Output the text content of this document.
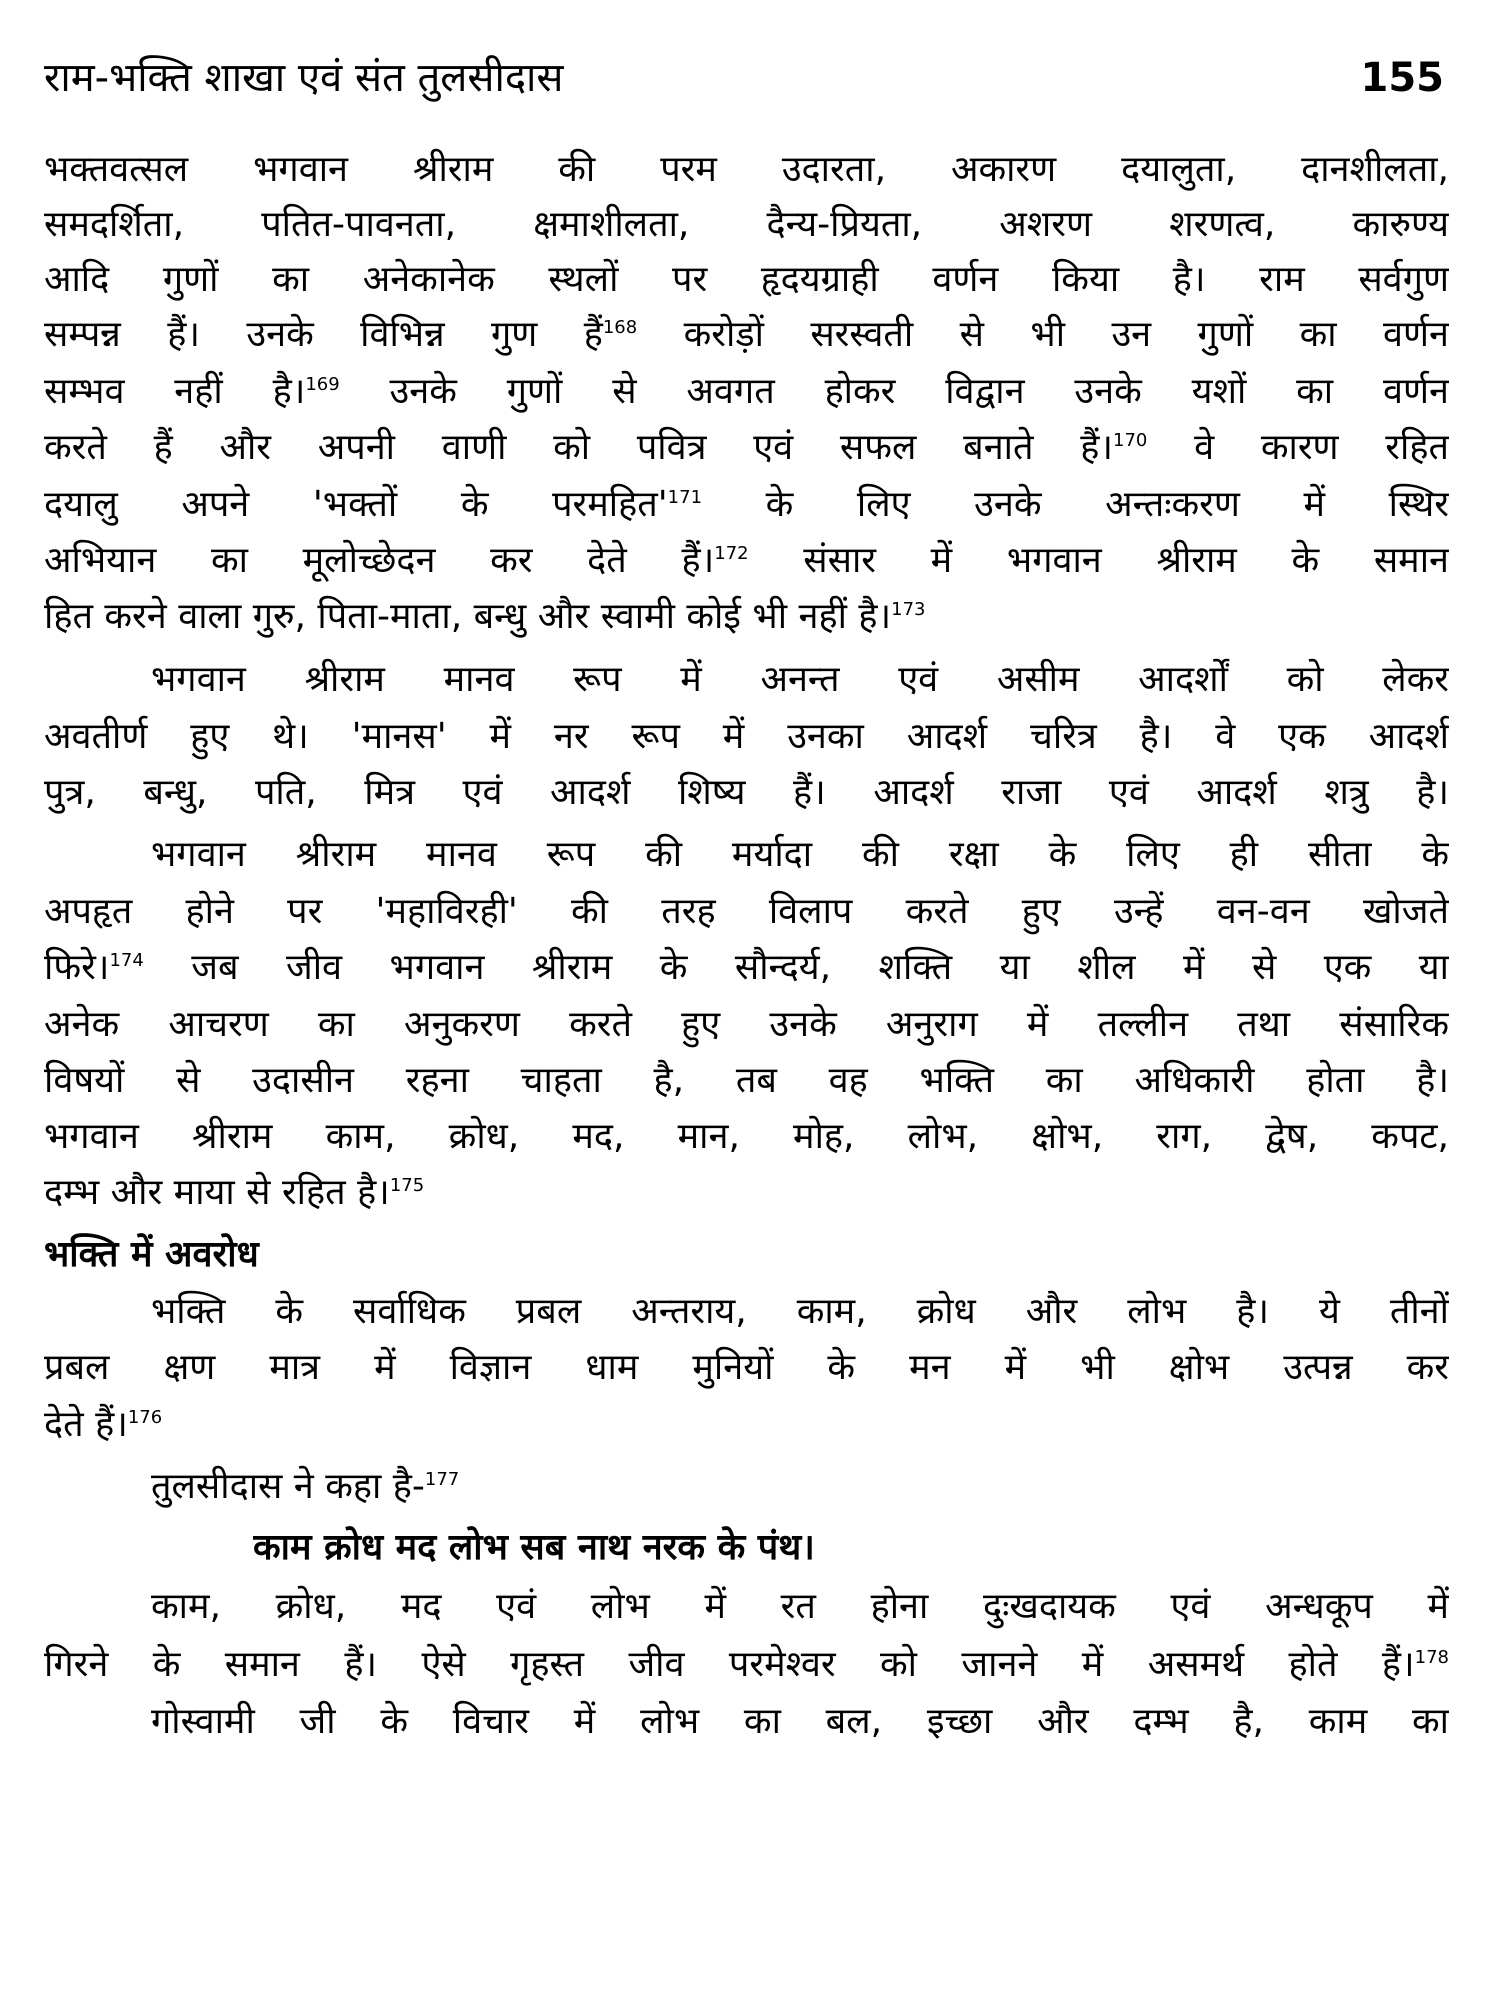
राम-भक्ति शाखा एवं संत तुलसीदास	155
भक्तवत्सल भगवान श्रीराम की परम उदारता, अकारण दयालुता, दानशीलता,
समदर्शिता, पतित-पावनता, क्षमाशीलता, दैन्य-प्रियता, अशरण शरणत्व, कारुण्य
आदि गुणों का अनेकानेक स्थलों पर हृदयग्राही वर्णन किया है। राम सर्वगुण
सम्पन्न हैं। उनके विभिन्न गुण हैं$^{168}$ करोड़ों सरस्वती से भी उन गुणों का वर्णन
सम्भव नहीं है।$^{169}$ उनके गुणों से अवगत होकर विद्वान उनके यशों का वर्णन
करते हैं और अपनी वाणी को पवित्र एवं सफल बनाते हैं।$^{170}$ वे कारण रहित
दयालु अपने 'भक्तों के $परमहित'^{171}$ के लिए उनके अन्तःकरण में स्थिर
अभियान का मूलोच्छेदन कर देते हैं।$^{172}$ संसार में भगवान श्रीराम के समान
हित करने वाला गुरु, पिता-माता, बन्धु और स्वामी कोई भी नहीं है।$^{173}$
भगवान श्रीराम मानव रूप में अनन्त एवं असीम आदर्शों को लेकर
अवतीर्ण हुए थे। 'मानस' में नर रूप में उनका आदर्श चरित्र है। वे एक आदर्श
पुत्र, बन्धु, पति, मित्र एवं आदर्श शिष्य हैं। आदर्श राजा एवं आदर्श शत्रु है।
भगवान श्रीराम मानव रूप की मर्यादा की रक्षा के लिए ही सीता के
अपहृत होने पर 'महाविरही' की तरह विलाप करते हुए उन्हें वन-वन खोजते
फिरे।$^{174}$ जब जीव भगवान श्रीराम के सौन्दर्य, शक्ति या शील में से एक या
अनेक आचरण का अनुकरण करते हुए उनके अनुराग में तल्लीन तथा संसारिक
विषयों से उदासीन रहना चाहता है, तब वह भक्ति का अधिकारी होता है।
भगवान श्रीराम काम, क्रोध, मद, मान, मोह, लोभ, क्षोभ, राग, द्वेष, कपट,
दम्भ और माया से रहित है।$^{175}$
भक्ति में अवरोध
भक्ति के सर्वाधिक प्रबल अन्तराय, काम, क्रोध और लोभ है। ये तीनों
प्रबल क्षण मात्र में विज्ञान धाम मुनियों के मन में भी क्षोभ उत्पन्न कर
देते हैं।$^{176}$
तुलसीदास ने कहा है-$^{177}$
काम क्रोध मद लोभ सब नाथ नरक के पंथ।
काम, क्रोध, मद एवं लोभ में रत होना दुःखदायक एवं अन्धकूप में
गिरने के समान हैं। ऐसे गृहस्त जीव परमेश्वर को जानने में असमर्थ होते हैं।$^{178}$
गोस्वामी जी के विचार में लोभ का बल, इच्छा और दम्भ है, काम का
